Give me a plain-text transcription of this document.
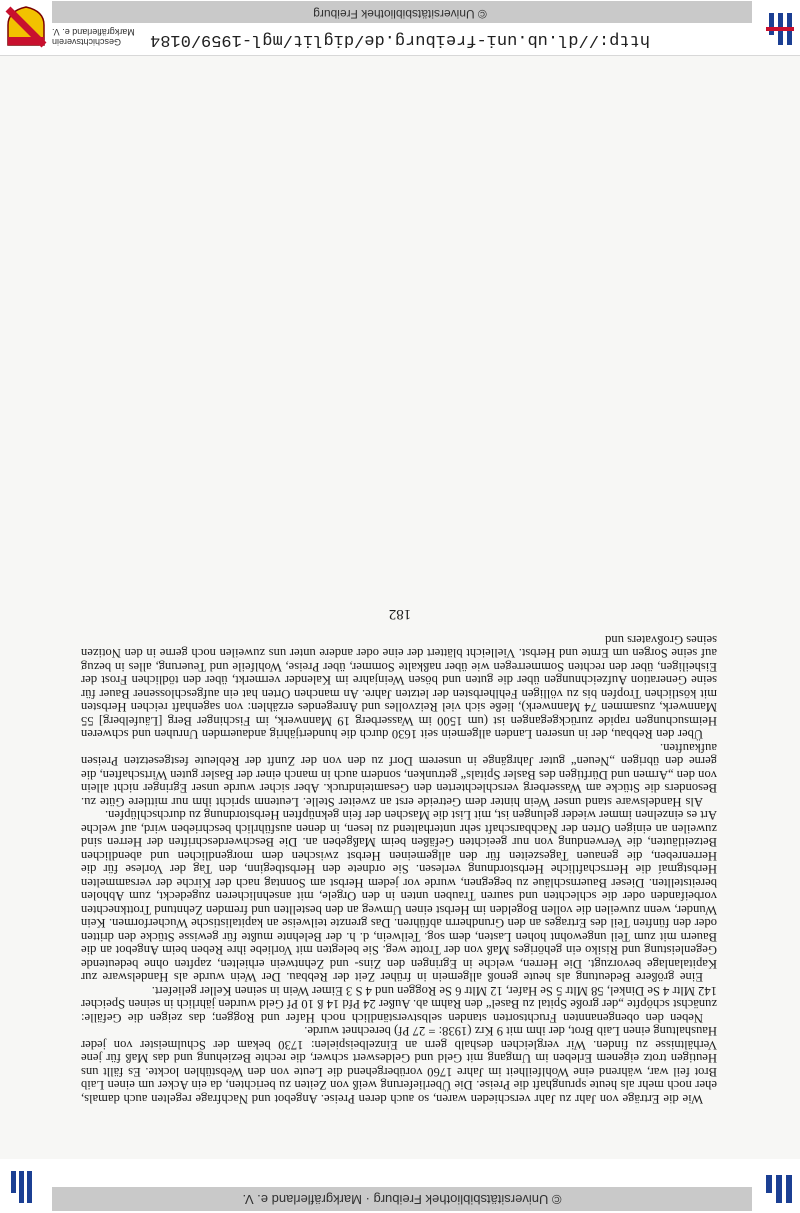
© Universitätsbibliothek Freiburg · Markgräflerland e. V.

Wie die Erträge von Jahr zu Jahr verschieden waren, so auch deren Preise. Angebot und Nachfrage regelten auch damals, eher noch mehr als heute sprunghaft die Preise. Die Überlieferung weiß von Zeiten zu berichten, da ein Acker um einen Laib Brot feil war, während eine Wohlfeilheit im Jahre 1760 vorübergehend die Leute von den Webstühlen lockte. Es fällt uns Heutigen trotz eigenem Erleben im Umgang mit Geld und Geldeswert schwer, die rechte Beziehung und das Maß für jene Verhältnisse zu finden. Wir vergleichen deshalb gern an Einzelbeispielen: 1730 bekam der Schulmeister von jeder Haushaltung einen Laib Brot, der ihm mit 9 Krz (1938: = 27 Pf) berechnet wurde.

Neben den obengenannten Fruchtsorten standen selbstverständlich noch Hafer und Roggen; das zeigen die Gefälle: zunächst schöpfte „der große Spital zu Basel“ den Rahm ab. Außer 24 Pfd 14 ß 10 Pf Geld wurden jährlich in seinen Speicher 142 Mltr 4 Se Dinkel, 58 Mltr 5 Se Hafer, 12 Mltr 6 Se Roggen und 4 S 3 Eimer Wein in seinen Keller geliefert.

Eine größere Bedeutung als heute genoß allgemein in früher Zeit der Rebbau. Der Wein wurde als Handelsware zur Kapitalanlage bevorzugt. Die Herren, welche in Egringen den Zins- und Zehntwein erhielten, zapften ohne bedeutende Gegenleistung und Risiko ein gehöriges Maß von der Trotte weg. Sie belegten mit Vorliebe ihre Reben beim Angebot an die Bauern mit zum Teil ungewohnt hohen Lasten, dem sog. Teilwein, d. h. der Belehnte mußte für gewisse Stücke den dritten oder den fünften Teil des Ertrages an den Grundherrn abführen. Das grenzte teilweise an kapitalistische Wucherformen. Kein Wunder, wenn zuweilen die vollen Bogelden im Herbst einen Umweg an den bestellten und fremden Zehntund Trottknechten vorbeifanden oder die schlechten und sauren Trauben unten in den Orgele, mit ansehnlicheren zugedeckt, zum Abholen bereitstellten. Dieser Bauernschläue zu begegnen, wurde vor jedem Herbst am Sonntag nach der Kirche der versammelten Herbstgmaí die Herrschaftliche Herbstordnung verlesen. Sie ordnete den Herbstbeginn, den Tag der Vorlese für die Herrenreben, die genauen Tageszeiten für den allgemeinen Herbst zwischen dem morgendlichen und abendlichen Betzeitläuten, die Verwendung von nur geeichten Gefäßen beim Maßgeben an. Die Beschwerdeschriften der Herren sind zuweilen an einigen Orten der Nachbarschaft sehr unterhaltend zu lesen, in denen ausführlich beschrieben wird, auf welche Art es einzelnen immer wieder gelungen ist, mit List die Maschen der fein geknüpften Herbstordnung zu durchschlüpfen.

Als Handelsware stand unser Wein hinter dem Getreide erst an zweiter Stelle. Leutenm spricht ihm nur mittlere Güte zu. Besonders die Stücke am Wasserberg verschlechterten den Gesamteindruck. Aber sicher wurde unser Egringer nicht allein von den „Armen und Dürftigen des Basler Spitals“ getrunken, sondern auch in manch einer der Basler guten Wirtschaften, die gerne den übrigen „Neuen“ guter Jahrgänge in unserem Dorf zu den von der Zunft der Rebleute festgesetzten Preisen aufkauften.

Über den Rebbau, der in unseren Landen allgemein seit 1630 durch die hundertjährig andauernden Unruhen und schweren Heimsuchungen rapide zurückgegangen ist (um 1500 im Wasserberg 19 Mannwerk, im Fischinger Berg [Läufelberg] 55 Mannwerk, zusammen 74 Mannwerk), ließe sich viel Reizvolles und Anregendes erzählen: von sagenhaft reichen Herbsten mit köstlichen Tropfen bis zu völligen Fehlherbsten der letzten Jahre. An manchen Orten hat ein aufgeschlossener Bauer für seine Generation Aufzeichnungen über die guten und bösen Weinjahre im Kalender vermerkt, über den tödlichen Frost der Eisheiligen, über den rechten Sommerregen wie über naßkalte Sommer, über Preise, Wohlfeile und Teuerung, alles in bezug auf seine Sorgen um Ernte und Herbst. Vielleicht blättert der eine oder andere unter uns zuweilen noch gerne in den Notizen seines Großvaters und

182
http://dl.ub.uni-freiburg.de/diglit/mgl-1959/0184
© Universitätsbibliothek Freiburg
Geschichtsverein Markgräflerland e. V.
